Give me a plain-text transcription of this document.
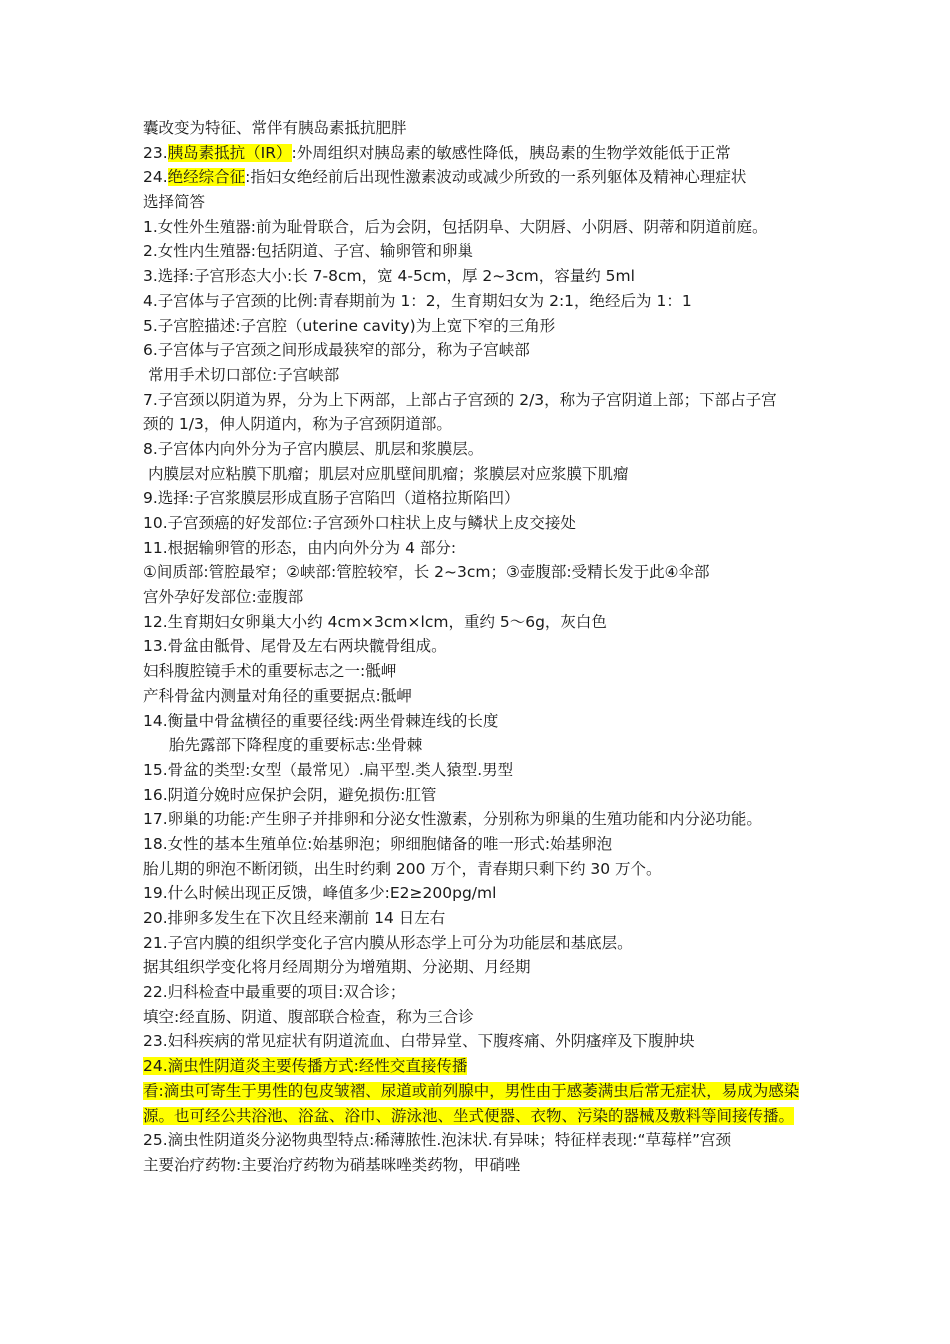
囊改变为特征、常伴有胰岛素抵抗肥胖
23.胰岛素抵抗（IR）:外周组织对胰岛素的敏感性降低，胰岛素的生物学效能低于正常
24.绝经综合征:指妇女绝经前后出现性激素波动或减少所致的一系列躯体及精神心理症状
选择简答
1.女性外生殖器:前为耻骨联合，后为会阴，包括阴阜、大阴唇、小阴唇、阴蒂和阴道前庭。
2.女性内生殖器:包括阴道、子宫、输卵管和卵巢
3.选择:子宫形态大小:长 7-8cm，宽 4-5cm，厚 2~3cm，容量约 5ml
4.子宫体与子宫颈的比例:青春期前为 1：2，生育期妇女为 2:1，绝经后为 1：1
5.子宫腔描述:子宫腔（uterine cavity)为上宽下窄的三角形
6.子宫体与子宫颈之间形成最狭窄的部分，称为子宫峡部
常用手术切口部位:子宫峡部
7.子宫颈以阴道为界，分为上下两部，上部占子宫颈的 2/3，称为子宫阴道上部；下部占子宫
颈的 1/3，伸人阴道内，称为子宫颈阴道部。
8.子宫体内向外分为子宫内膜层、肌层和浆膜层。
内膜层对应粘膜下肌瘤；肌层对应肌壁间肌瘤；浆膜层对应浆膜下肌瘤
9.选择:子宫浆膜层形成直肠子宫陷凹（道格拉斯陷凹）
10.子宫颈癌的好发部位:子宫颈外口柱状上皮与鳞状上皮交接处
11.根据输卵管的形态，由内向外分为 4 部分:
①间质部:管腔最窄；②峡部:管腔较窄，长 2~3cm；③壶腹部:受精长发于此④伞部
宫外孕好发部位:壶腹部
12.生育期妇女卵巢大小约 4cm×3cm×lcm，重约 5～6g，灰白色
13.骨盆由骶骨、尾骨及左右两块髋骨组成。
妇科腹腔镜手术的重要标志之一:骶岬
产科骨盆内测量对角径的重要据点:骶岬
14.衡量中骨盆横径的重要径线:两坐骨棘连线的长度
胎先露部下降程度的重要标志:坐骨棘
15.骨盆的类型:女型（最常见）.扁平型.类人猿型.男型
16.阴道分娩时应保护会阴，避免损伤:肛管
17.卵巢的功能:产生卵子并排卵和分泌女性激素，分别称为卵巢的生殖功能和内分泌功能。
18.女性的基本生殖单位:始基卵泡；卵细胞储备的唯一形式:始基卵泡
胎儿期的卵泡不断闭锁，出生时约剩 200 万个，青春期只剩下约 30 万个。
19.什么时候出现正反馈，峰值多少:E2≥200pg/ml
20.排卵多发生在下次且经来潮前 14 日左右
21.子宫内膜的组织学变化子宫内膜从形态学上可分为功能层和基底层。
据其组织学变化将月经周期分为增殖期、分泌期、月经期
22.归科检查中最重要的项目:双合诊；
填空:经直肠、阴道、腹部联合检查，称为三合诊
23.妇科疾病的常见症状有阴道流血、白带异堂、下腹疼痛、外阴瘙痒及下腹肿块
24.滴虫性阴道炎主要传播方式:经性交直接传播
看:滴虫可寄生于男性的包皮皱褶、尿道或前列腺中，男性由于感萎满虫后常无症状，易成为感染源。也可经公共浴池、浴盆、浴巾、游泳池、坐式便器、衣物、污染的器械及敷料等间接传播。
25.滴虫性阴道炎分泌物典型特点:稀薄脓性.泡沫状.有异味；特征样表现:“草莓样”宫颈
主要治疗药物:主要治疗药物为硝基咪唑类药物，甲硝唑
